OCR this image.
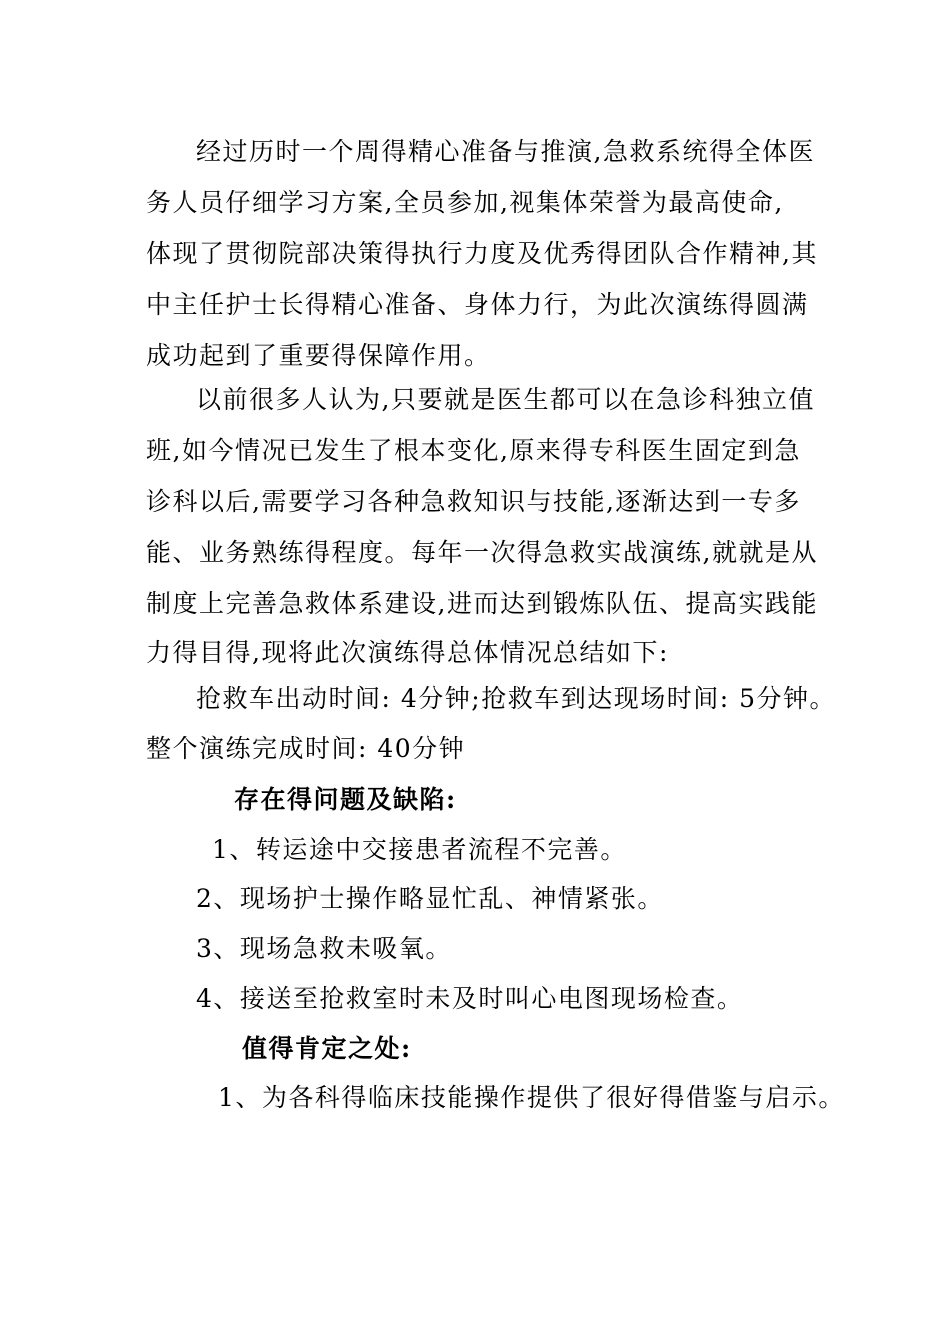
经过历时一个周得精心准备与推演,急救系统得全体医
务人员仔细学习方案,全员参加,视集体荣誉为最高使命,
体现了贯彻院部决策得执行力度及优秀得团队合作精神,其
中主任护士长得精心准备、身体力行，为此次演练得圆满
成功起到了重要得保障作用。
以前很多人认为,只要就是医生都可以在急诊科独立值
班,如今情况已发生了根本变化,原来得专科医生固定到急
诊科以后,需要学习各种急救知识与技能,逐渐达到一专多
能、业务熟练得程度。每年一次得急救实战演练,就就是从
制度上完善急救体系建设,进而达到锻炼队伍、提高实践能
力得目得,现将此次演练得总体情况总结如下:
抢救车出动时间: 4分钟;抢救车到达现场时间: 5分钟。
整个演练完成时间: 40分钟
存在得问题及缺陷:
1、转运途中交接患者流程不完善。
2、现场护士操作略显忙乱、神情紧张。
3、现场急救未吸氧。
4、接送至抢救室时未及时叫心电图现场检查。
值得肯定之处:
1、为各科得临床技能操作提供了很好得借鉴与启示。
